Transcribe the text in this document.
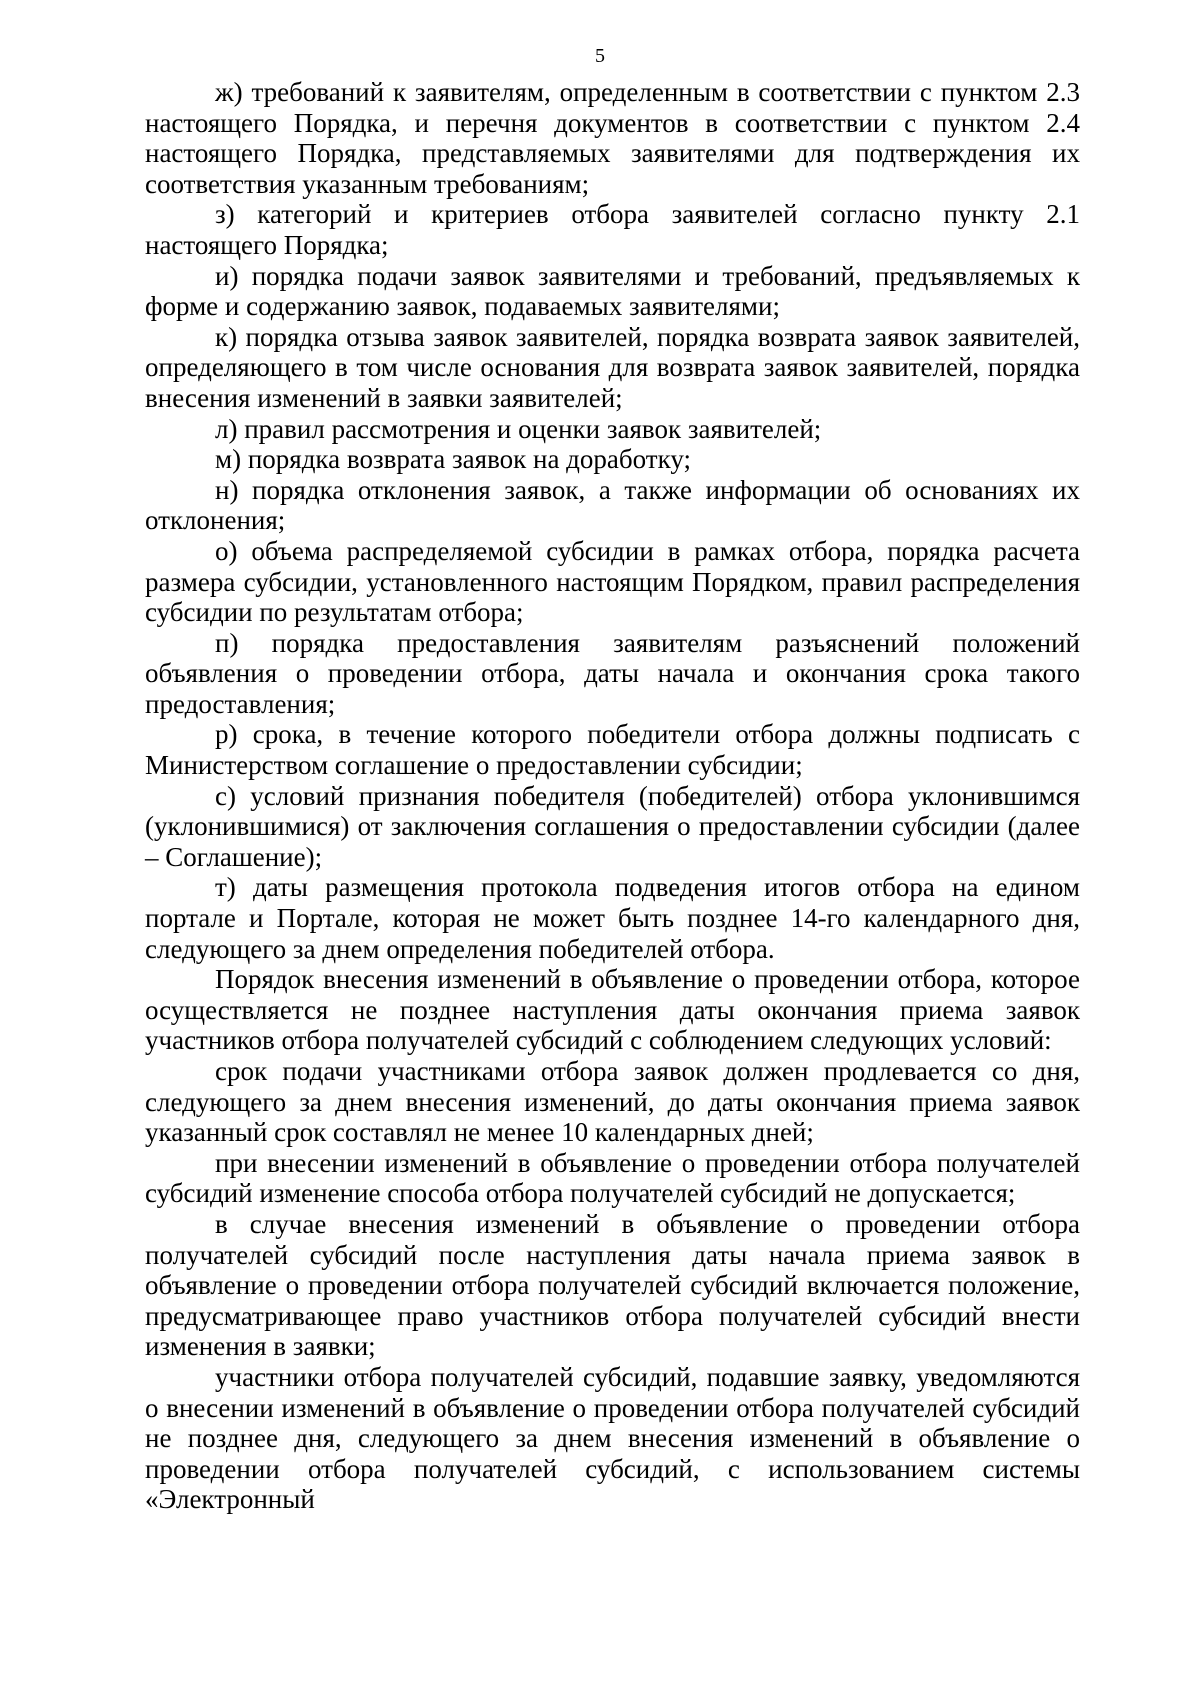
5

ж) требований к заявителям, определенным в соответствии с пунктом 2.3 настоящего Порядка, и перечня документов в соответствии с пунктом 2.4 настоящего Порядка, представляемых заявителями для подтверждения их соответствия указанным требованиям;

з) категорий и критериев отбора заявителей согласно пункту 2.1 настоящего Порядка;

и) порядка подачи заявок заявителями и требований, предъявляемых к форме и содержанию заявок, подаваемых заявителями;

к) порядка отзыва заявок заявителей, порядка возврата заявок заявителей, определяющего в том числе основания для возврата заявок заявителей, порядка внесения изменений в заявки заявителей;

л) правил рассмотрения и оценки заявок заявителей;

м) порядка возврата заявок на доработку;

н) порядка отклонения заявок, а также информации об основаниях их отклонения;

о) объема распределяемой субсидии в рамках отбора, порядка расчета размера субсидии, установленного настоящим Порядком, правил распределения субсидии по результатам отбора;

п) порядка предоставления заявителям разъяснений положений объявления о проведении отбора, даты начала и окончания срока такого предоставления;

р) срока, в течение которого победители отбора должны подписать с Министерством соглашение о предоставлении субсидии;

с) условий признания победителя (победителей) отбора уклонившимся (уклонившимися) от заключения соглашения о предоставлении субсидии (далее – Соглашение);

т) даты размещения протокола подведения итогов отбора на едином портале и Портале, которая не может быть позднее 14-го календарного дня, следующего за днем определения победителей отбора.

Порядок внесения изменений в объявление о проведении отбора, которое осуществляется не позднее наступления даты окончания приема заявок участников отбора получателей субсидий с соблюдением следующих условий:

срок подачи участниками отбора заявок должен продлевается со дня, следующего за днем внесения изменений, до даты окончания приема заявок указанный срок составлял не менее 10 календарных дней;

при внесении изменений в объявление о проведении отбора получателей субсидий изменение способа отбора получателей субсидий не допускается;

в случае внесения изменений в объявление о проведении отбора получателей субсидий после наступления даты начала приема заявок в объявление о проведении отбора получателей субсидий включается положение, предусматривающее право участников отбора получателей субсидий внести изменения в заявки;

участники отбора получателей субсидий, подавшие заявку, уведомляются о внесении изменений в объявление о проведении отбора получателей субсидий не позднее дня, следующего за днем внесения изменений в объявление о проведении отбора получателей субсидий, с использованием системы «Электронный
